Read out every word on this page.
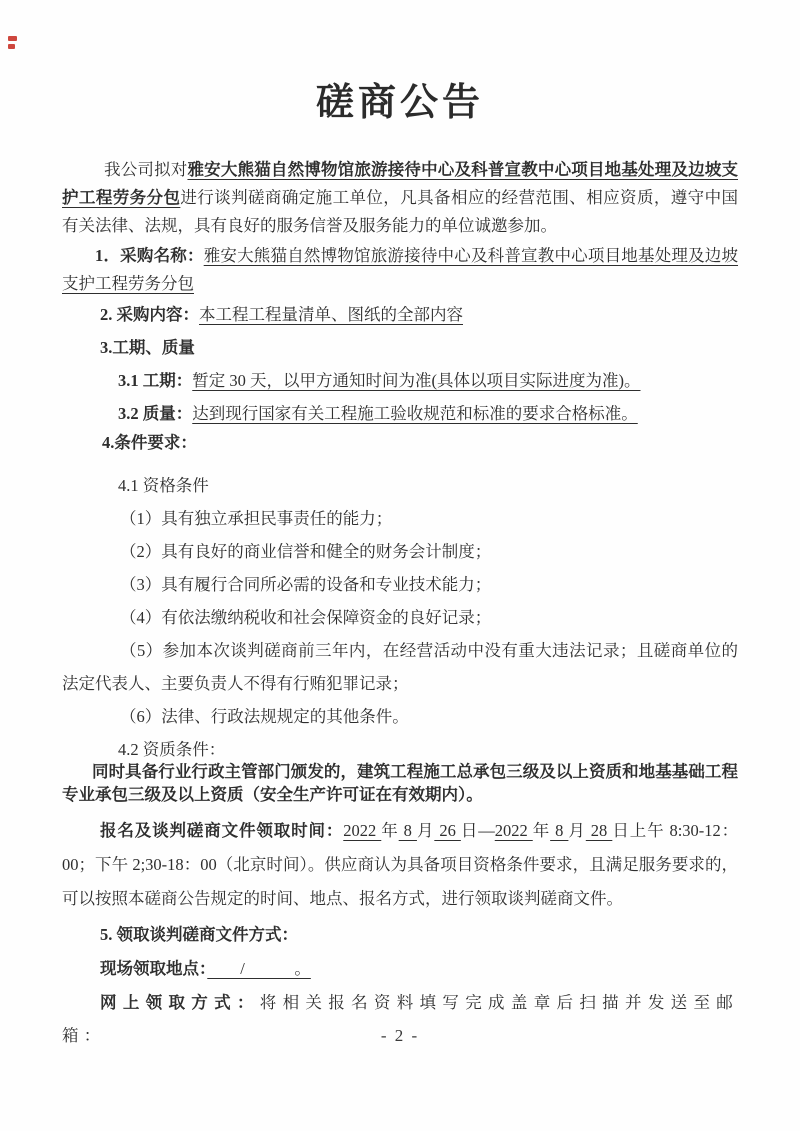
磋商公告

我公司拟对雅安大熊猫自然博物馆旅游接待中心及科普宣教中心项目地基处理及边坡支护工程劳务分包进行谈判磋商确定施工单位，凡具备相应的经营范围、相应资质，遵守中国有关法律、法规，具有良好的服务信誉及服务能力的单位诚邀参加。

1．采购名称：雅安大熊猫自然博物馆旅游接待中心及科普宣教中心项目地基处理及边坡支护工程劳务分包

2. 采购内容：本工程工程量清单、图纸的全部内容

3.工期、质量

3.1 工期：暂定 30 天，以甲方通知时间为准(具体以项目实际进度为准)。

3.2 质量：达到现行国家有关工程施工验收规范和标准的要求合格标准。

4.条件要求：

4.1 资格条件

（1）具有独立承担民事责任的能力；

（2）具有良好的商业信誉和健全的财务会计制度；

（3）具有履行合同所必需的设备和专业技术能力；

（4）有依法缴纳税收和社会保障资金的良好记录；

（5）参加本次谈判磋商前三年内，在经营活动中没有重大违法记录；且磋商单位的法定代表人、主要负责人不得有行贿犯罪记录；

（6）法律、行政法规规定的其他条件。

4.2 资质条件：

同时具备行业行政主管部门颁发的，建筑工程施工总承包三级及以上资质和地基基础工程专业承包三级及以上资质（安全生产许可证在有效期内）。

报名及谈判磋商文件领取时间：2022 年 8 月 26 日—2022 年 8 月 28 日上午 8:30-12：00；下午 2;30-18：00（北京时间）。供应商认为具备项目资格条件要求，且满足服务要求的，可以按照本磋商公告规定的时间、地点、报名方式，进行领取谈判磋商文件。

5. 领取谈判磋商文件方式：

现场领取地点：　　/　　　。

网上领取方式：将相关报名资料填写完成盖章后扫描并发送至邮箱：	- 2 -
